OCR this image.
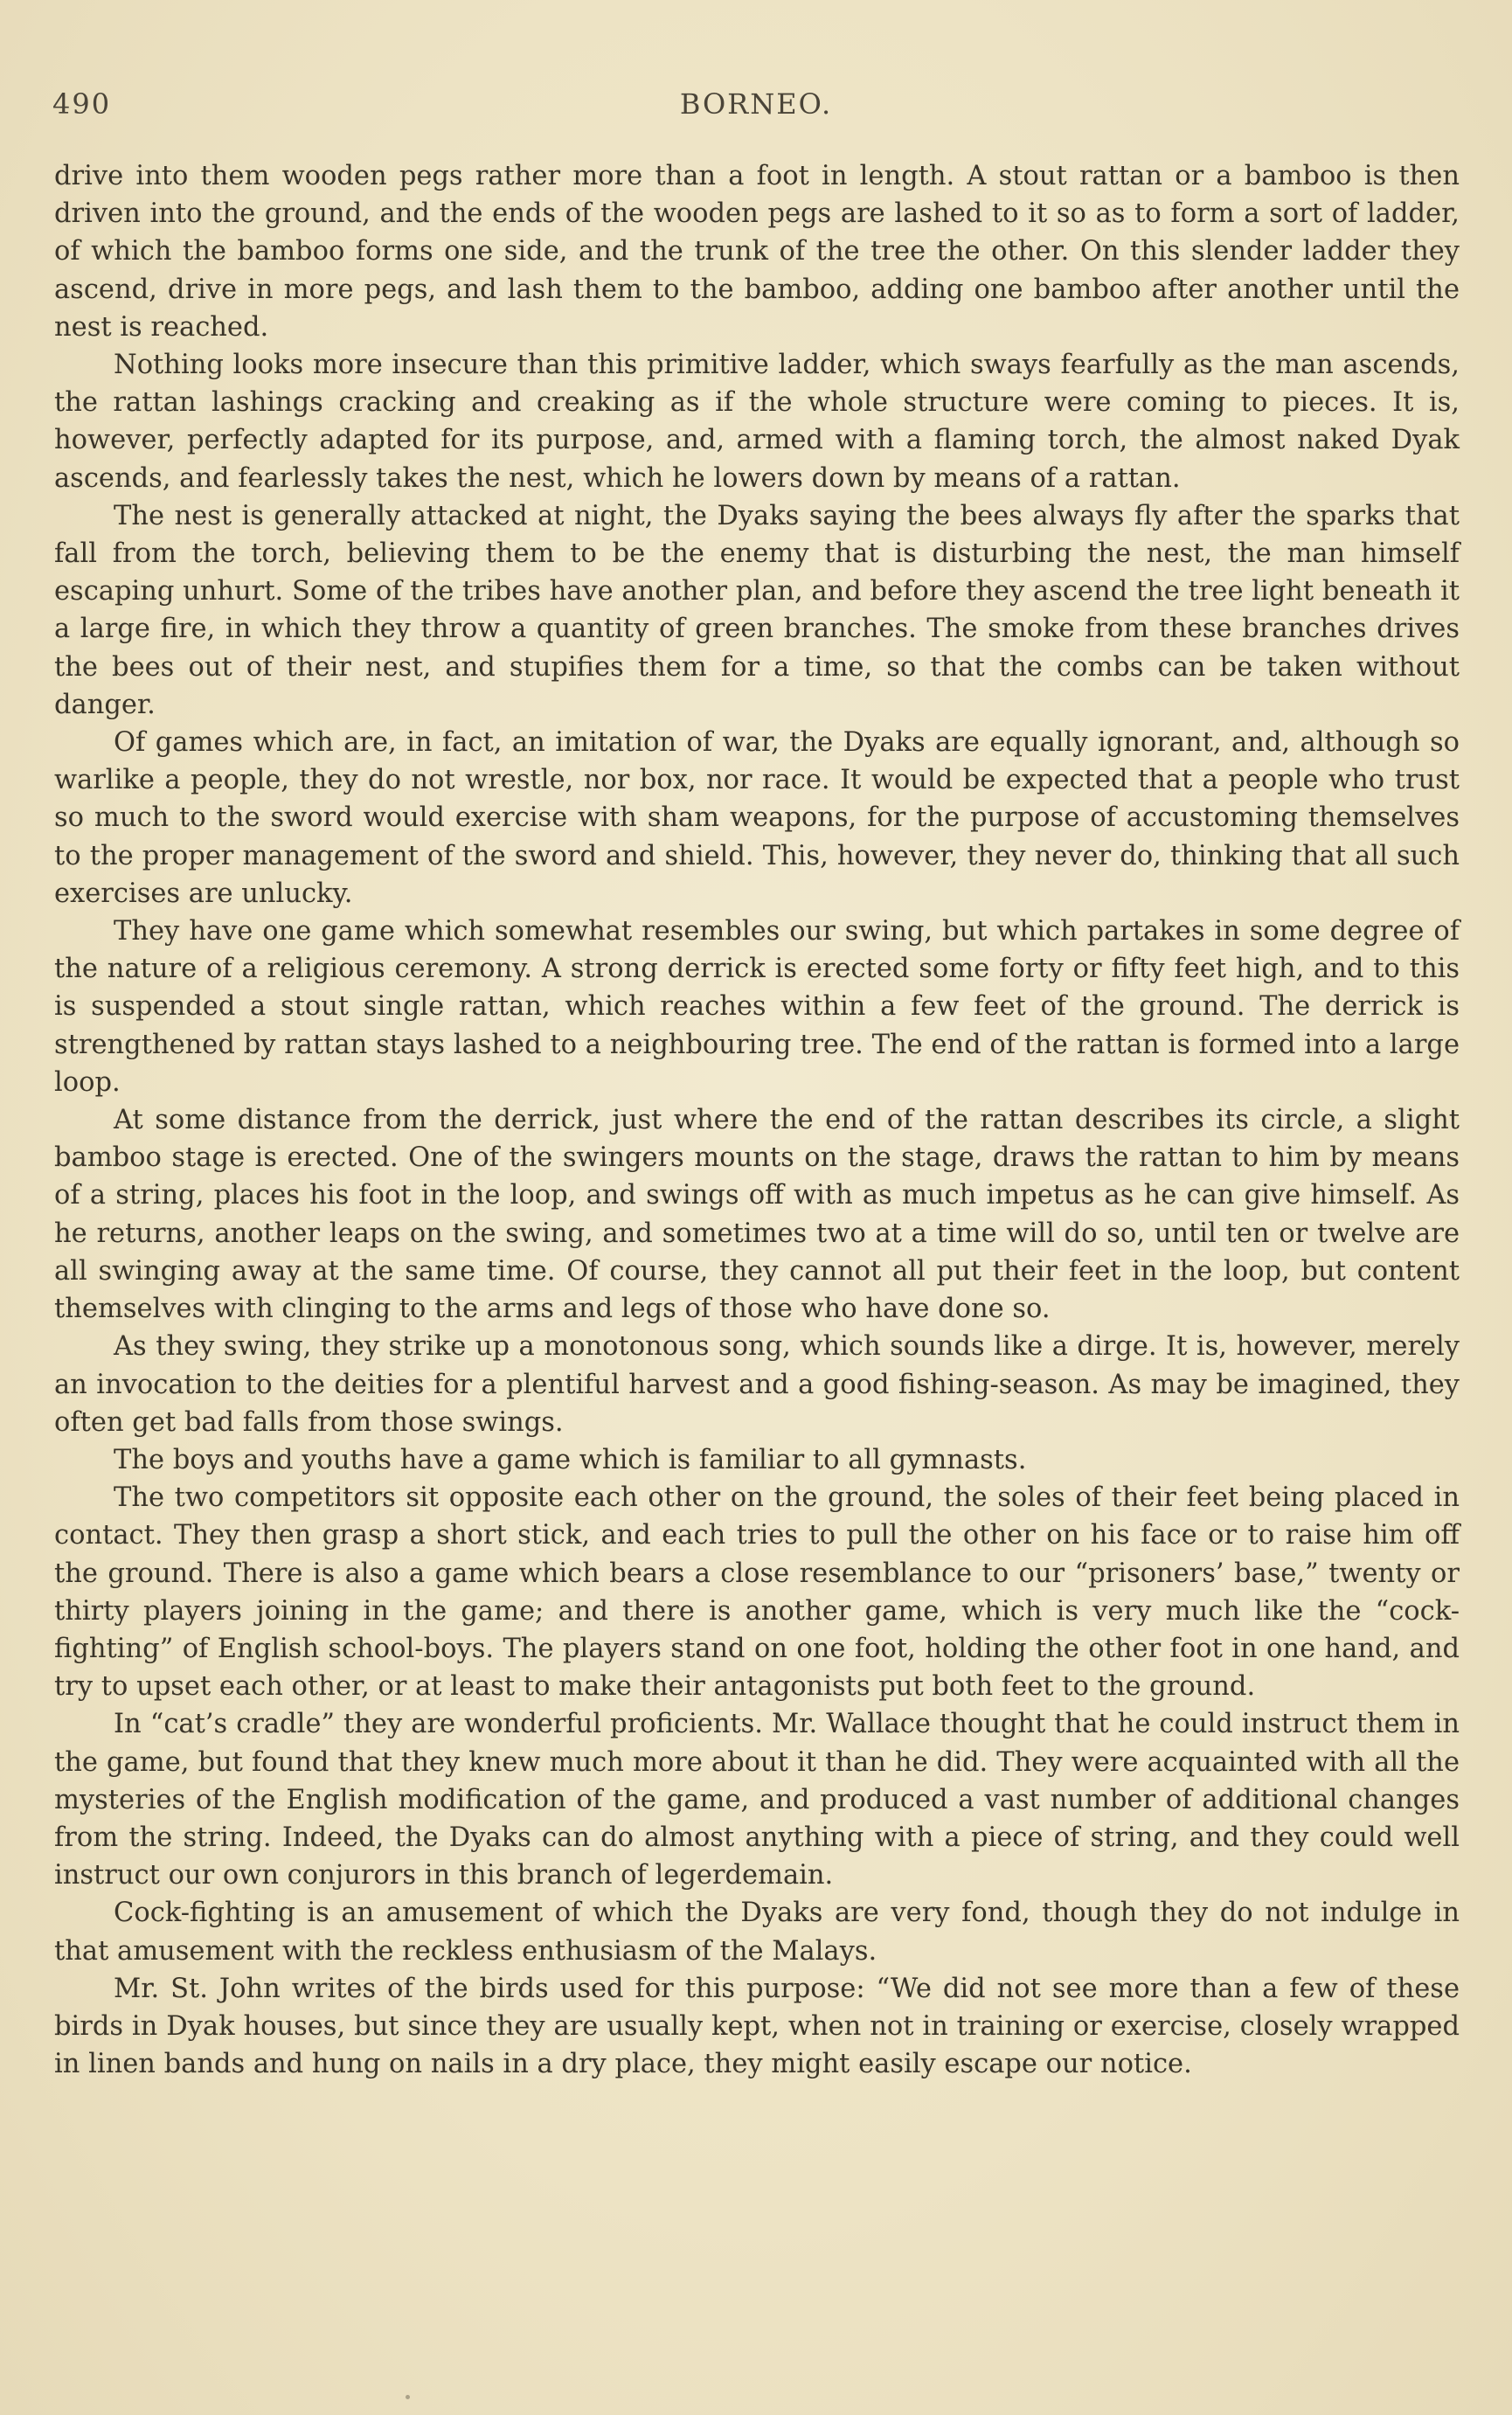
490	BORNEO.

drive into them wooden pegs rather more than a foot in length. A stout rattan or a bamboo is then driven into the ground, and the ends of the wooden pegs are lashed to it so as to form a sort of ladder, of which the bamboo forms one side, and the trunk of the tree the other. On this slender ladder they ascend, drive in more pegs, and lash them to the bamboo, adding one bamboo after another until the nest is reached.

Nothing looks more insecure than this primitive ladder, which sways fearfully as the man ascends, the rattan lashings cracking and creaking as if the whole structure were coming to pieces. It is, however, perfectly adapted for its purpose, and, armed with a flaming torch, the almost naked Dyak ascends, and fearlessly takes the nest, which he lowers down by means of a rattan.

The nest is generally attacked at night, the Dyaks saying the bees always fly after the sparks that fall from the torch, believing them to be the enemy that is disturbing the nest, the man himself escaping unhurt. Some of the tribes have another plan, and before they ascend the tree light beneath it a large fire, in which they throw a quantity of green branches. The smoke from these branches drives the bees out of their nest, and stupifies them for a time, so that the combs can be taken without danger.

Of games which are, in fact, an imitation of war, the Dyaks are equally ignorant, and, although so warlike a people, they do not wrestle, nor box, nor race. It would be expected that a people who trust so much to the sword would exercise with sham weapons, for the purpose of accustoming themselves to the proper management of the sword and shield. This, however, they never do, thinking that all such exercises are unlucky.

They have one game which somewhat resembles our swing, but which partakes in some degree of the nature of a religious ceremony. A strong derrick is erected some forty or fifty feet high, and to this is suspended a stout single rattan, which reaches within a few feet of the ground. The derrick is strengthened by rattan stays lashed to a neighbouring tree. The end of the rattan is formed into a large loop.

At some distance from the derrick, just where the end of the rattan describes its circle, a slight bamboo stage is erected. One of the swingers mounts on the stage, draws the rattan to him by means of a string, places his foot in the loop, and swings off with as much impetus as he can give himself. As he returns, another leaps on the swing, and sometimes two at a time will do so, until ten or twelve are all swinging away at the same time. Of course, they cannot all put their feet in the loop, but content themselves with clinging to the arms and legs of those who have done so.

As they swing, they strike up a monotonous song, which sounds like a dirge. It is, however, merely an invocation to the deities for a plentiful harvest and a good fishing-season. As may be imagined, they often get bad falls from those swings.

The boys and youths have a game which is familiar to all gymnasts.

The two competitors sit opposite each other on the ground, the soles of their feet being placed in contact. They then grasp a short stick, and each tries to pull the other on his face or to raise him off the ground. There is also a game which bears a close resemblance to our “prisoners’ base,” twenty or thirty players joining in the game; and there is another game, which is very much like the “cock-fighting” of English school-boys. The players stand on one foot, holding the other foot in one hand, and try to upset each other, or at least to make their antagonists put both feet to the ground.

In “cat’s cradle” they are wonderful proficients. Mr. Wallace thought that he could instruct them in the game, but found that they knew much more about it than he did. They were acquainted with all the mysteries of the English modification of the game, and produced a vast number of additional changes from the string. Indeed, the Dyaks can do almost anything with a piece of string, and they could well instruct our own conjurors in this branch of legerdemain.

Cock-fighting is an amusement of which the Dyaks are very fond, though they do not indulge in that amusement with the reckless enthusiasm of the Malays.

Mr. St. John writes of the birds used for this purpose: “We did not see more than a few of these birds in Dyak houses, but since they are usually kept, when not in training or exercise, closely wrapped in linen bands and hung on nails in a dry place, they might easily escape our notice.
